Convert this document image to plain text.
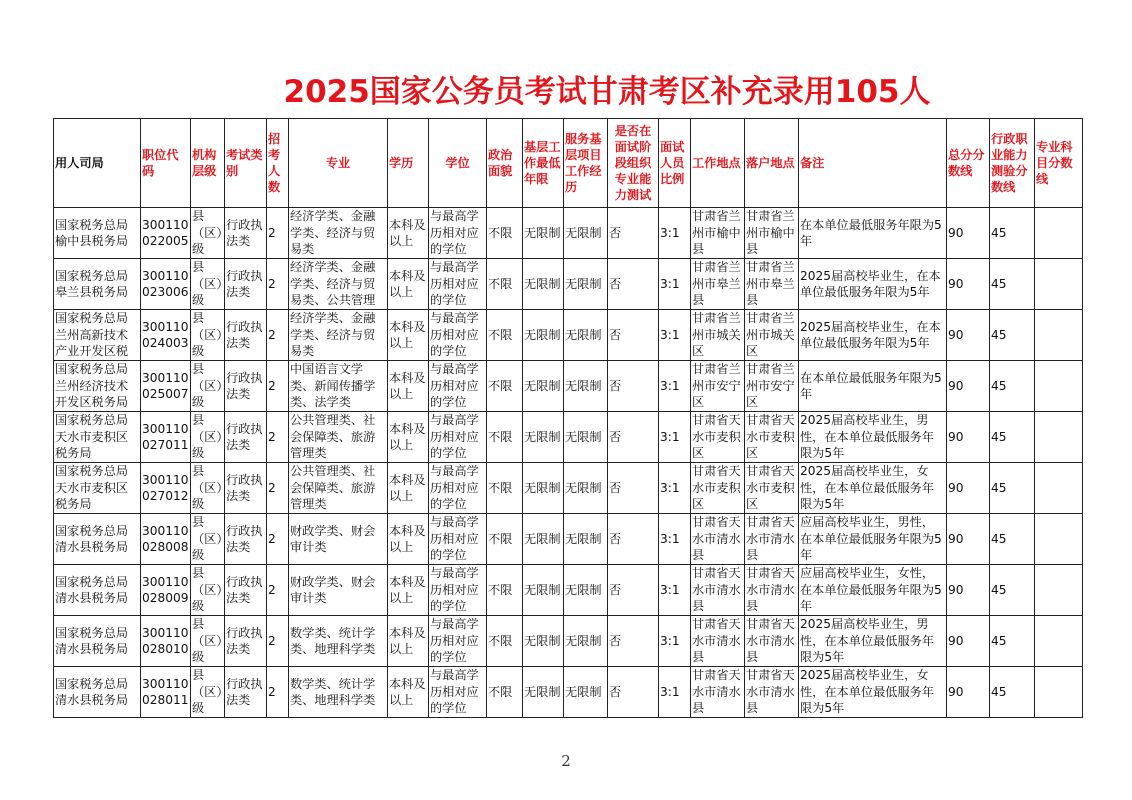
2025国家公务员考试甘肃考区补充录用105人
用人司局	职位代码	机构层级	考试类别	招考人数	专业	学历	学位	政治面貌	基层工作最低年限	服务基层项目工作经历	是否在面试阶段组织专业能力测试	面试人员比例	工作地点	落户地点	备注	总分分数线	行政职业能力测验分数线	专业科目分数线
国家税务总局榆中县税务局	300110022005	县（区）级	行政执法类	2	经济学类、金融学类、经济与贸易类	本科及以上	与最高学历相对应的学位	不限	无限制	无限制	否	3:1	甘肃省兰州市榆中县	甘肃省兰州市榆中县	在本单位最低服务年限为5年	90	45	
国家税务总局皋兰县税务局	300110023006	县（区）级	行政执法类	2	经济学类、金融学类、经济与贸易类、公共管理	本科及以上	与最高学历相对应的学位	不限	无限制	无限制	否	3:1	甘肃省兰州市皋兰县	甘肃省兰州市皋兰县	2025届高校毕业生，在本单位最低服务年限为5年	90	45	
国家税务总局兰州高新技术产业开发区税	300110024003	县（区）级	行政执法类	2	经济学类、金融学类、经济与贸易类	本科及以上	与最高学历相对应的学位	不限	无限制	无限制	否	3:1	甘肃省兰州市城关区	甘肃省兰州市城关区	2025届高校毕业生，在本单位最低服务年限为5年	90	45	
国家税务总局兰州经济技术开发区税务局	300110025007	县（区）级	行政执法类	2	中国语言文学类、新闻传播学类、法学类	本科及以上	与最高学历相对应的学位	不限	无限制	无限制	否	3:1	甘肃省兰州市安宁区	甘肃省兰州市安宁区	在本单位最低服务年限为5年	90	45	
国家税务总局天水市麦积区税务局	300110027011	县（区）级	行政执法类	2	公共管理类、社会保障类、旅游管理类	本科及以上	与最高学历相对应的学位	不限	无限制	无限制	否	3:1	甘肃省天水市麦积区	甘肃省天水市麦积区	2025届高校毕业生，男性，在本单位最低服务年限为5年	90	45	
国家税务总局天水市麦积区税务局	300110027012	县（区）级	行政执法类	2	公共管理类、社会保障类、旅游管理类	本科及以上	与最高学历相对应的学位	不限	无限制	无限制	否	3:1	甘肃省天水市麦积区	甘肃省天水市麦积区	2025届高校毕业生，女性，在本单位最低服务年限为5年	90	45	
国家税务总局清水县税务局	300110028008	县（区）级	行政执法类	2	财政学类、财会审计类	本科及以上	与最高学历相对应的学位	不限	无限制	无限制	否	3:1	甘肃省天水市清水县	甘肃省天水市清水县	应届高校毕业生，男性，在本单位最低服务年限为5年	90	45	
国家税务总局清水县税务局	300110028009	县（区）级	行政执法类	2	财政学类、财会审计类	本科及以上	与最高学历相对应的学位	不限	无限制	无限制	否	3:1	甘肃省天水市清水县	甘肃省天水市清水县	应届高校毕业生，女性，在本单位最低服务年限为5年	90	45	
国家税务总局清水县税务局	300110028010	县（区）级	行政执法类	2	数学类、统计学类、地理科学类	本科及以上	与最高学历相对应的学位	不限	无限制	无限制	否	3:1	甘肃省天水市清水县	甘肃省天水市清水县	2025届高校毕业生，男性，在本单位最低服务年限为5年	90	45	
国家税务总局清水县税务局	300110028011	县（区）级	行政执法类	2	数学类、统计学类、地理科学类	本科及以上	与最高学历相对应的学位	不限	无限制	无限制	否	3:1	甘肃省天水市清水县	甘肃省天水市清水县	2025届高校毕业生，女性，在本单位最低服务年限为5年	90	45	
2
